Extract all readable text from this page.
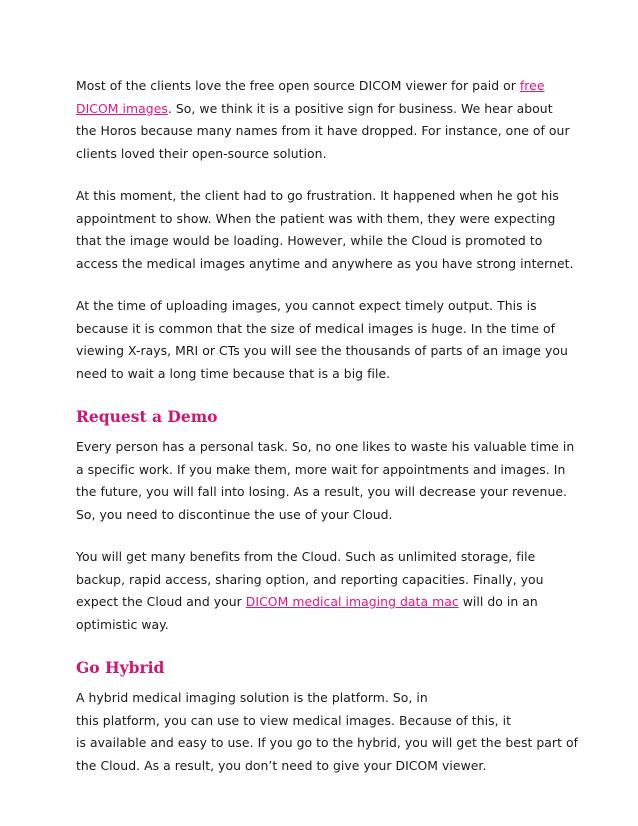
Most of the clients love the free open source DICOM viewer for paid or free
DICOM images. So, we think it is a positive sign for business. We hear about
the Horos because many names from it have dropped. For instance, one of our
clients loved their open-source solution.

At this moment, the client had to go frustration. It happened when he got his
appointment to show. When the patient was with them, they were expecting
that the image would be loading. However, while the Cloud is promoted to
access the medical images anytime and anywhere as you have strong internet.

At the time of uploading images, you cannot expect timely output. This is
because it is common that the size of medical images is huge. In the time of
viewing X-rays, MRI or CTs you will see the thousands of parts of an image you
need to wait a long time because that is a big file.

Request a Demo

Every person has a personal task. So, no one likes to waste his valuable time in
a specific work. If you make them, more wait for appointments and images. In
the future, you will fall into losing. As a result, you will decrease your revenue.
So, you need to discontinue the use of your Cloud.

You will get many benefits from the Cloud. Such as unlimited storage, file
backup, rapid access, sharing option, and reporting capacities. Finally, you
expect the Cloud and your DICOM medical imaging data mac will do in an
optimistic way.

Go Hybrid

A hybrid medical imaging solution is the platform. So, in
this platform, you can use to view medical images. Because of this, it
is available and easy to use. If you go to the hybrid, you will get the best part of
the Cloud. As a result, you don’t need to give your DICOM viewer.
